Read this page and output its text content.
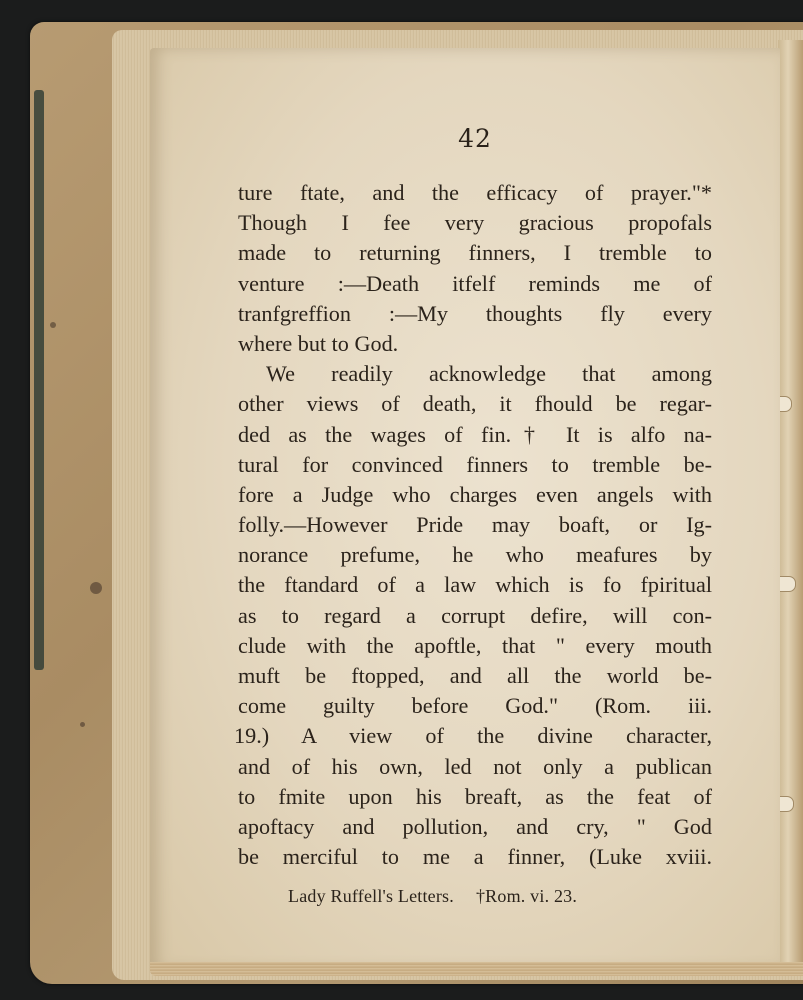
42
ture ftate, and the efficacy of prayer."*
Though I fee very gracious propofals
made to returning finners, I tremble to
venture :—Death itfelf reminds me of
tranfgreffion :—My thoughts fly every
where but to God.
We readily acknowledge that among
other views of death, it fhould be regar-
ded as the wages of fin.† It is alfo na-
tural for convinced finners to tremble be-
fore a Judge who charges even angels with
folly.—However Pride may boaft, or Ig-
norance prefume, he who meafures by
the ftandard of a law which is fo fpiritual
as to regard a corrupt defire, will con-
clude with the apoftle, that " every mouth
muft be ftopped, and all the world be-
come guilty before God." (Rom. iii.
19.) A view of the divine character,
and of his own, led not only a publican
to fmite upon his breaft, as the feat of
apoftacy and pollution, and cry, " God
be merciful to me a finner, (Luke xviii.
Lady Ruffell's Letters. †Rom. vi. 23.
